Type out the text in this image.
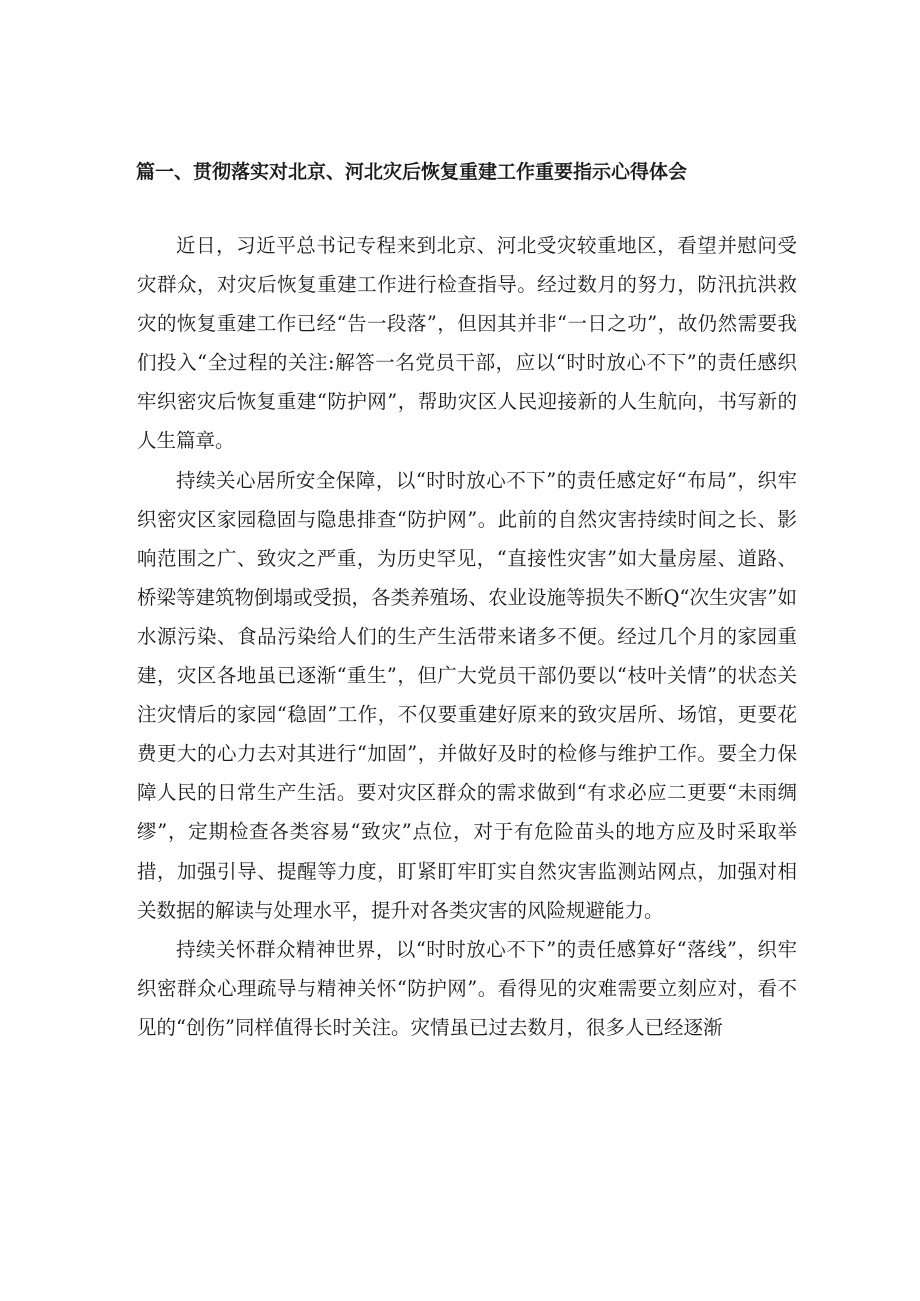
篇一、贯彻落实对北京、河北灾后恢复重建工作重要指示心得体会

近日，习近平总书记专程来到北京、河北受灾较重地区，看望并慰问受灾群众，对灾后恢复重建工作进行检查指导。经过数月的努力，防汛抗洪救灾的恢复重建工作已经“告一段落”，但因其并非“一日之功”，故仍然需要我们投入“全过程的关注:解答一名党员干部，应以“时时放心不下”的责任感织牢织密灾后恢复重建“防护网”，帮助灾区人民迎接新的人生航向，书写新的人生篇章。

持续关心居所安全保障，以“时时放心不下”的责任感定好“布局”，织牢织密灾区家园稳固与隐患排查“防护网”。此前的自然灾害持续时间之长、影响范围之广、致灾之严重，为历史罕见，“直接性灾害”如大量房屋、道路、桥梁等建筑物倒塌或受损，各类养殖场、农业设施等损失不断Q“次生灾害”如水源污染、食品污染给人们的生产生活带来诸多不便。经过几个月的家园重建，灾区各地虽已逐渐“重生”，但广大党员干部仍要以“枝叶关情”的状态关注灾情后的家园“稳固”工作，不仅要重建好原来的致灾居所、场馆，更要花费更大的心力去对其进行“加固”，并做好及时的检修与维护工作。要全力保障人民的日常生产生活。要对灾区群众的需求做到“有求必应二更要“未雨绸缪”，定期检查各类容易“致灾”点位，对于有危险苗头的地方应及时采取举措，加强引导、提醒等力度，盯紧盯牢盯实自然灾害监测站网点，加强对相关数据的解读与处理水平，提升对各类灾害的风险规避能力。

持续关怀群众精神世界，以“时时放心不下”的责任感算好“落线”，织牢织密群众心理疏导与精神关怀“防护网”。看得见的灾难需要立刻应对，看不见的“创伤”同样值得长时关注。灾情虽已过去数月，很多人已经逐渐
